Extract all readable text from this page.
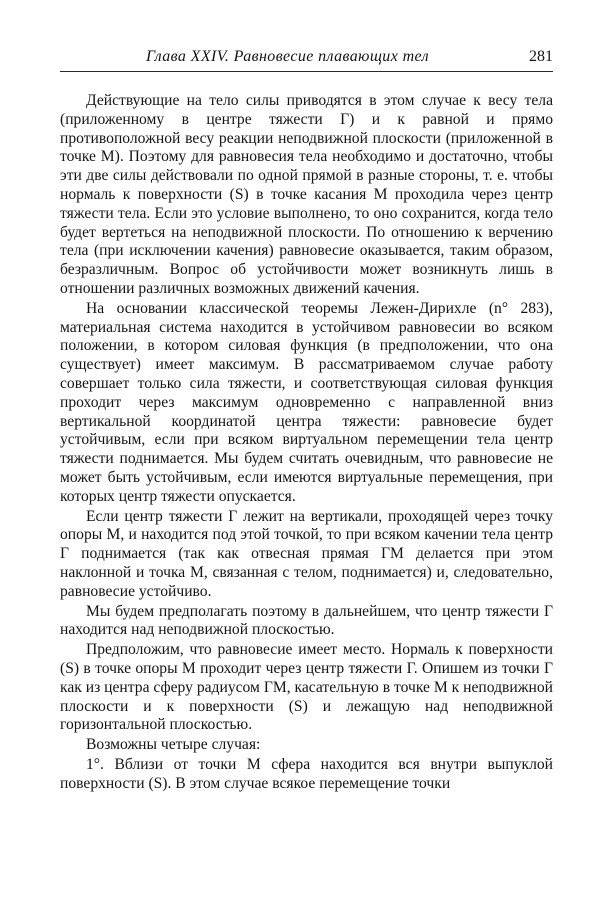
Глава XXIV. Равновесие плавающих тел	281

Действующие на тело силы приводятся в этом случае к весу тела (приложенному в центре тяжести Γ) и к равной и прямо противоположной весу реакции неподвижной плоскости (приложенной в точке M). Поэтому для равновесия тела необходимо и достаточно, чтобы эти две силы действовали по одной прямой в разные стороны, т. е. чтобы нормаль к поверхности (S) в точке касания M проходила через центр тяжести тела. Если это условие выполнено, то оно сохранится, когда тело будет вертеться на неподвижной плоскости. По отношению к верчению тела (при исключении качения) равновесие оказывается, таким образом, безразличным. Вопрос об устойчивости может возникнуть лишь в отношении различных возможных движений качения.

На основании классической теоремы Лежен-Дирихле (n° 283), материальная система находится в устойчивом равновесии во всяком положении, в котором силовая функция (в предположении, что она существует) имеет максимум. В рассматриваемом случае работу совершает только сила тяжести, и соответствующая силовая функция проходит через максимум одновременно с направленной вниз вертикальной координатой центра тяжести: равновесие будет устойчивым, если при всяком виртуальном перемещении тела центр тяжести поднимается. Мы будем считать очевидным, что равновесие не может быть устойчивым, если имеются виртуальные перемещения, при которых центр тяжести опускается.

Если центр тяжести Γ лежит на вертикали, проходящей через точку опоры M, и находится под этой точкой, то при всяком качении тела центр Γ поднимается (так как отвесная прямая ΓM делается при этом наклонной и точка M, связанная с телом, поднимается) и, следовательно, равновесие устойчиво.

Мы будем предполагать поэтому в дальнейшем, что центр тяжести Γ находится над неподвижной плоскостью.

Предположим, что равновесие имеет место. Нормаль к поверхности (S) в точке опоры M проходит через центр тяжести Γ. Опишем из точки Γ как из центра сферу радиусом ΓM, касательную в точке M к неподвижной плоскости и к поверхности (S) и лежащую над неподвижной горизонтальной плоскостью.

Возможны четыре случая:

1°. Вблизи от точки M сфера находится вся внутри выпуклой поверхности (S). В этом случае всякое перемещение точки
